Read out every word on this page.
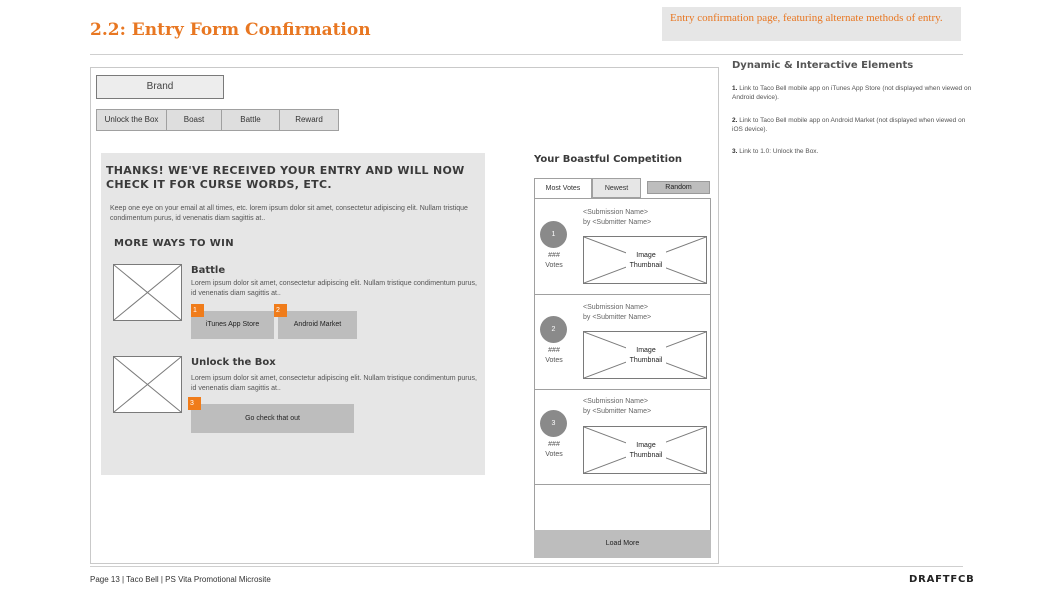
2.2: Entry Form Confirmation
Entry confirmation page, featuring alternate methods of entry.
Brand
Unlock the Box	Boast	Battle	Reward
THANKS! WE'VE RECEIVED YOUR ENTRY AND WILL NOW CHECK IT FOR CURSE WORDS, ETC.
Keep one eye on your email at all times, etc. lorem ipsum dolor sit amet, consectetur adipiscing elit. Nullam tristique condimentum purus, id venenatis diam sagittis at..
MORE WAYS TO WIN
Battle
Lorem ipsum dolor sit amet, consectetur adipiscing elit. Nullam tristique condimentum purus, id venenatis diam sagittis at..
iTunes App Store	Android Market
1	2
Unlock the Box
Lorem ipsum dolor sit amet, consectetur adipiscing elit. Nullam tristique condimentum purus, id venenatis diam sagittis at..
Go check that out
3
Your Boastful Competition
Most Votes	Newest	Random
1
###
Votes
<Submission Name>
by <Submitter Name>
Image
Thumbnail
2
###
Votes
<Submission Name>
by <Submitter Name>
Image
Thumbnail
3
###
Votes
<Submission Name>
by <Submitter Name>
Image
Thumbnail
Load More
Dynamic & Interactive Elements
1. Link to Taco Bell mobile app on iTunes App Store (not displayed when viewed on Android device).
2. Link to Taco Bell mobile app on Android Market (not displayed when viewed on iOS device).
3. Link to 1.0: Unlock the Box.
Page 13 | Taco Bell | PS Vita Promotional Microsite	DRAFTFCB
